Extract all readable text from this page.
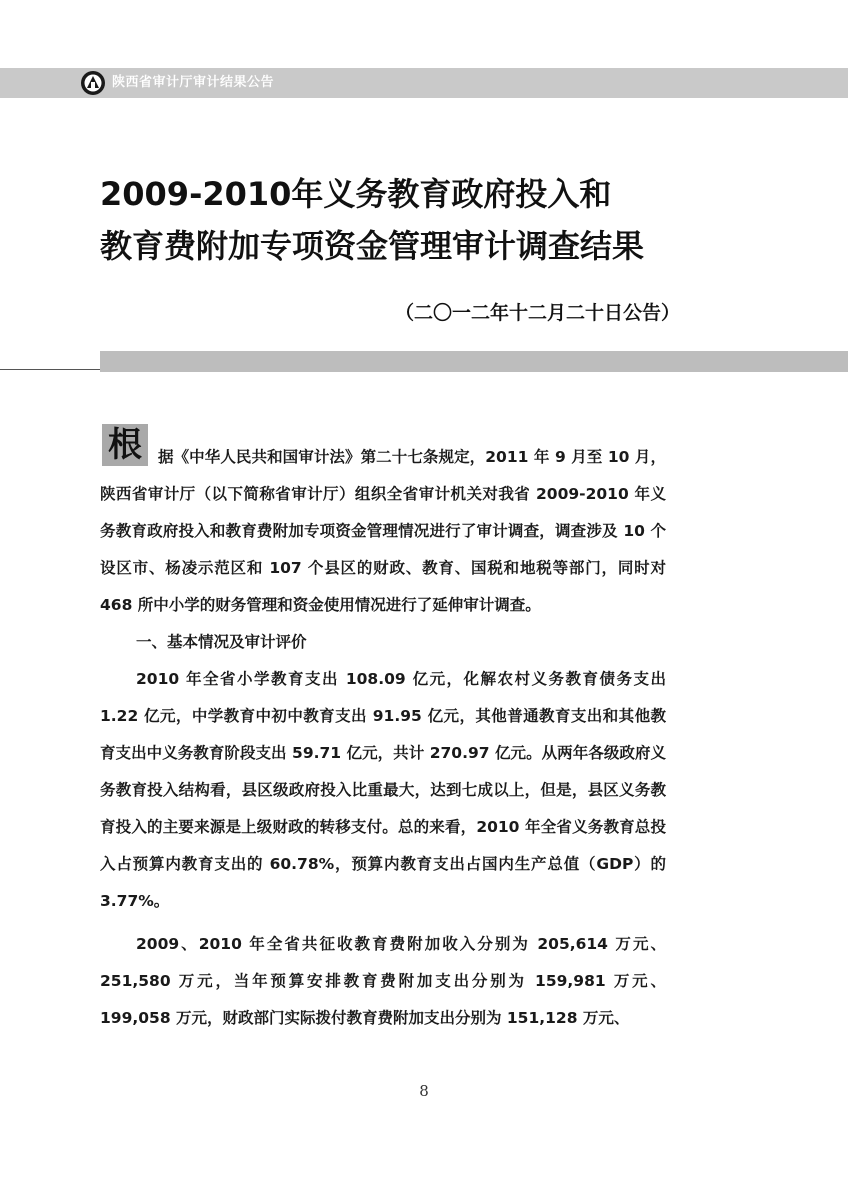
陕西省审计厅审计结果公告
2009-2010年义务教育政府投入和
教育费附加专项资金管理审计调查结果
（二〇一二年十二月二十日公告）
根	据《中华人民共和国审计法》第二十七条规定，2011 年 9 月至 10 月，陕西省审计厅（以下简称省审计厅）组织全省审计机关对我省 2009-2010 年义务教育政府投入和教育费附加专项资金管理情况进行了审计调查，调查涉及 10 个设区市、杨凌示范区和 107 个县区的财政、教育、国税和地税等部门，同时对 468 所中小学的财务管理和资金使用情况进行了延伸审计调查。

一、基本情况及审计评价

2010 年全省小学教育支出 108.09 亿元，化解农村义务教育债务支出 1.22 亿元，中学教育中初中教育支出 91.95 亿元，其他普通教育支出和其他教育支出中义务教育阶段支出 59.71 亿元，共计 270.97 亿元。从两年各级政府义务教育投入结构看，县区级政府投入比重最大，达到七成以上，但是，县区义务教育投入的主要来源是上级财政的转移支付。总的来看，2010 年全省义务教育总投入占预算内教育支出的 60.78%，预算内教育支出占国内生产总值（GDP）的 3.77%。

2009、2010 年全省共征收教育费附加收入分别为 205,614 万元、251,580 万元，当年预算安排教育费附加支出分别为 159,981 万元、199,058 万元，财政部门实际拨付教育费附加支出分别为 151,128 万元、

8
